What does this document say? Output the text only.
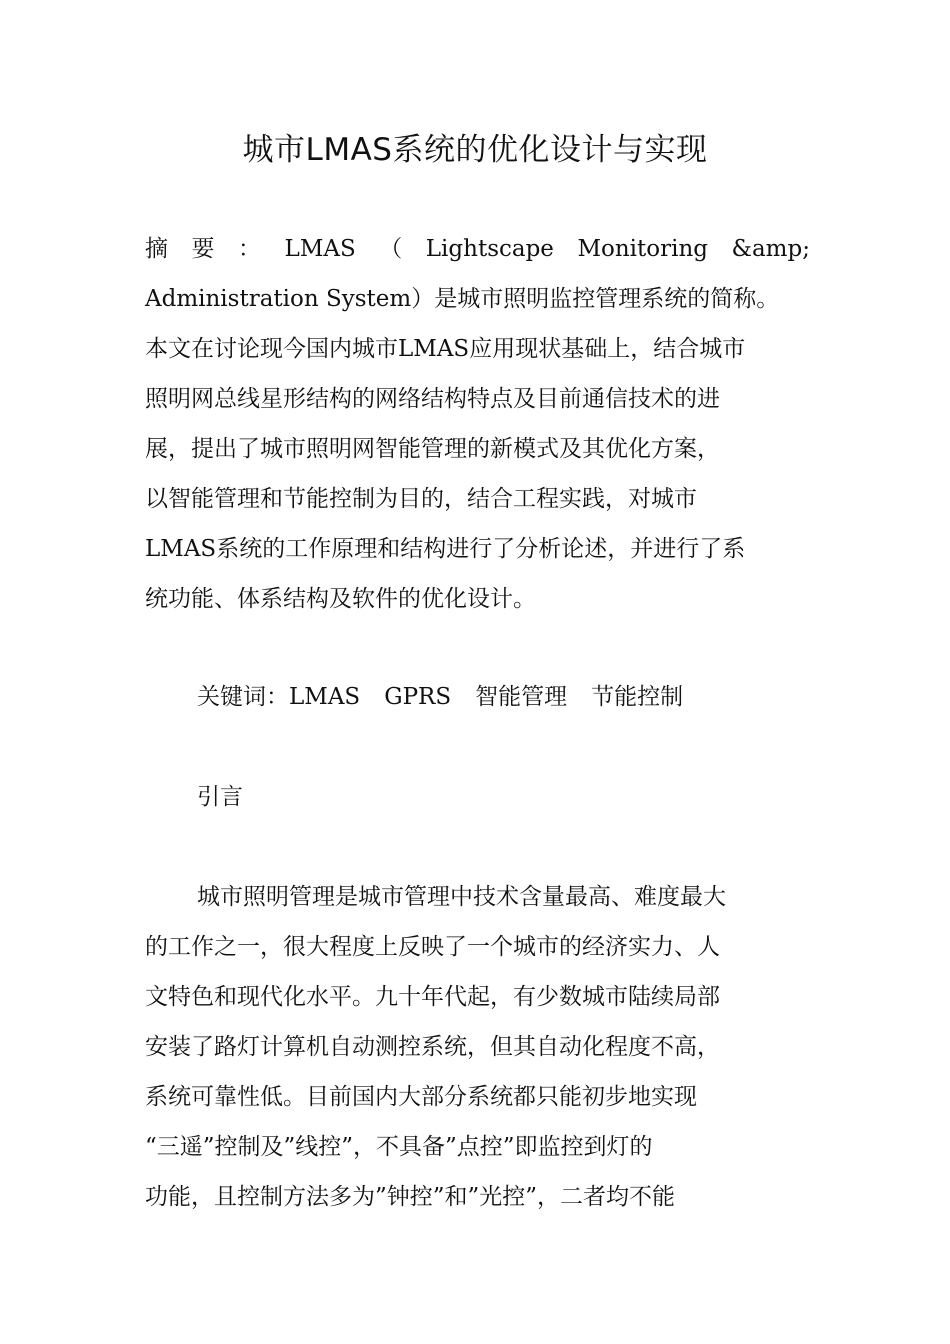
城市LMAS系统的优化设计与实现
摘 要 ： LMAS （ Lightscape Monitoring &amp;
Administration System）是城市照明监控管理系统的简称。
本文在讨论现今国内城市LMAS应用现状基础上，结合城市
照明网总线星形结构的网络结构特点及目前通信技术的进
展，提出了城市照明网智能管理的新模式及其优化方案，
以智能管理和节能控制为目的，结合工程实践，对城市
LMAS系统的工作原理和结构进行了分析论述，并进行了系
统功能、体系结构及软件的优化设计。
关键词：LMAS GPRS 智能管理 节能控制
引言
城市照明管理是城市管理中技术含量最高、难度最大
的工作之一，很大程度上反映了一个城市的经济实力、人
文特色和现代化水平。九十年代起，有少数城市陆续局部
安装了路灯计算机自动测控系统，但其自动化程度不高，
系统可靠性低。目前国内大部分系统都只能初步地实现
“三遥”控制及”线控”，不具备”点控”即监控到灯的
功能，且控制方法多为”钟控”和”光控”，二者均不能
